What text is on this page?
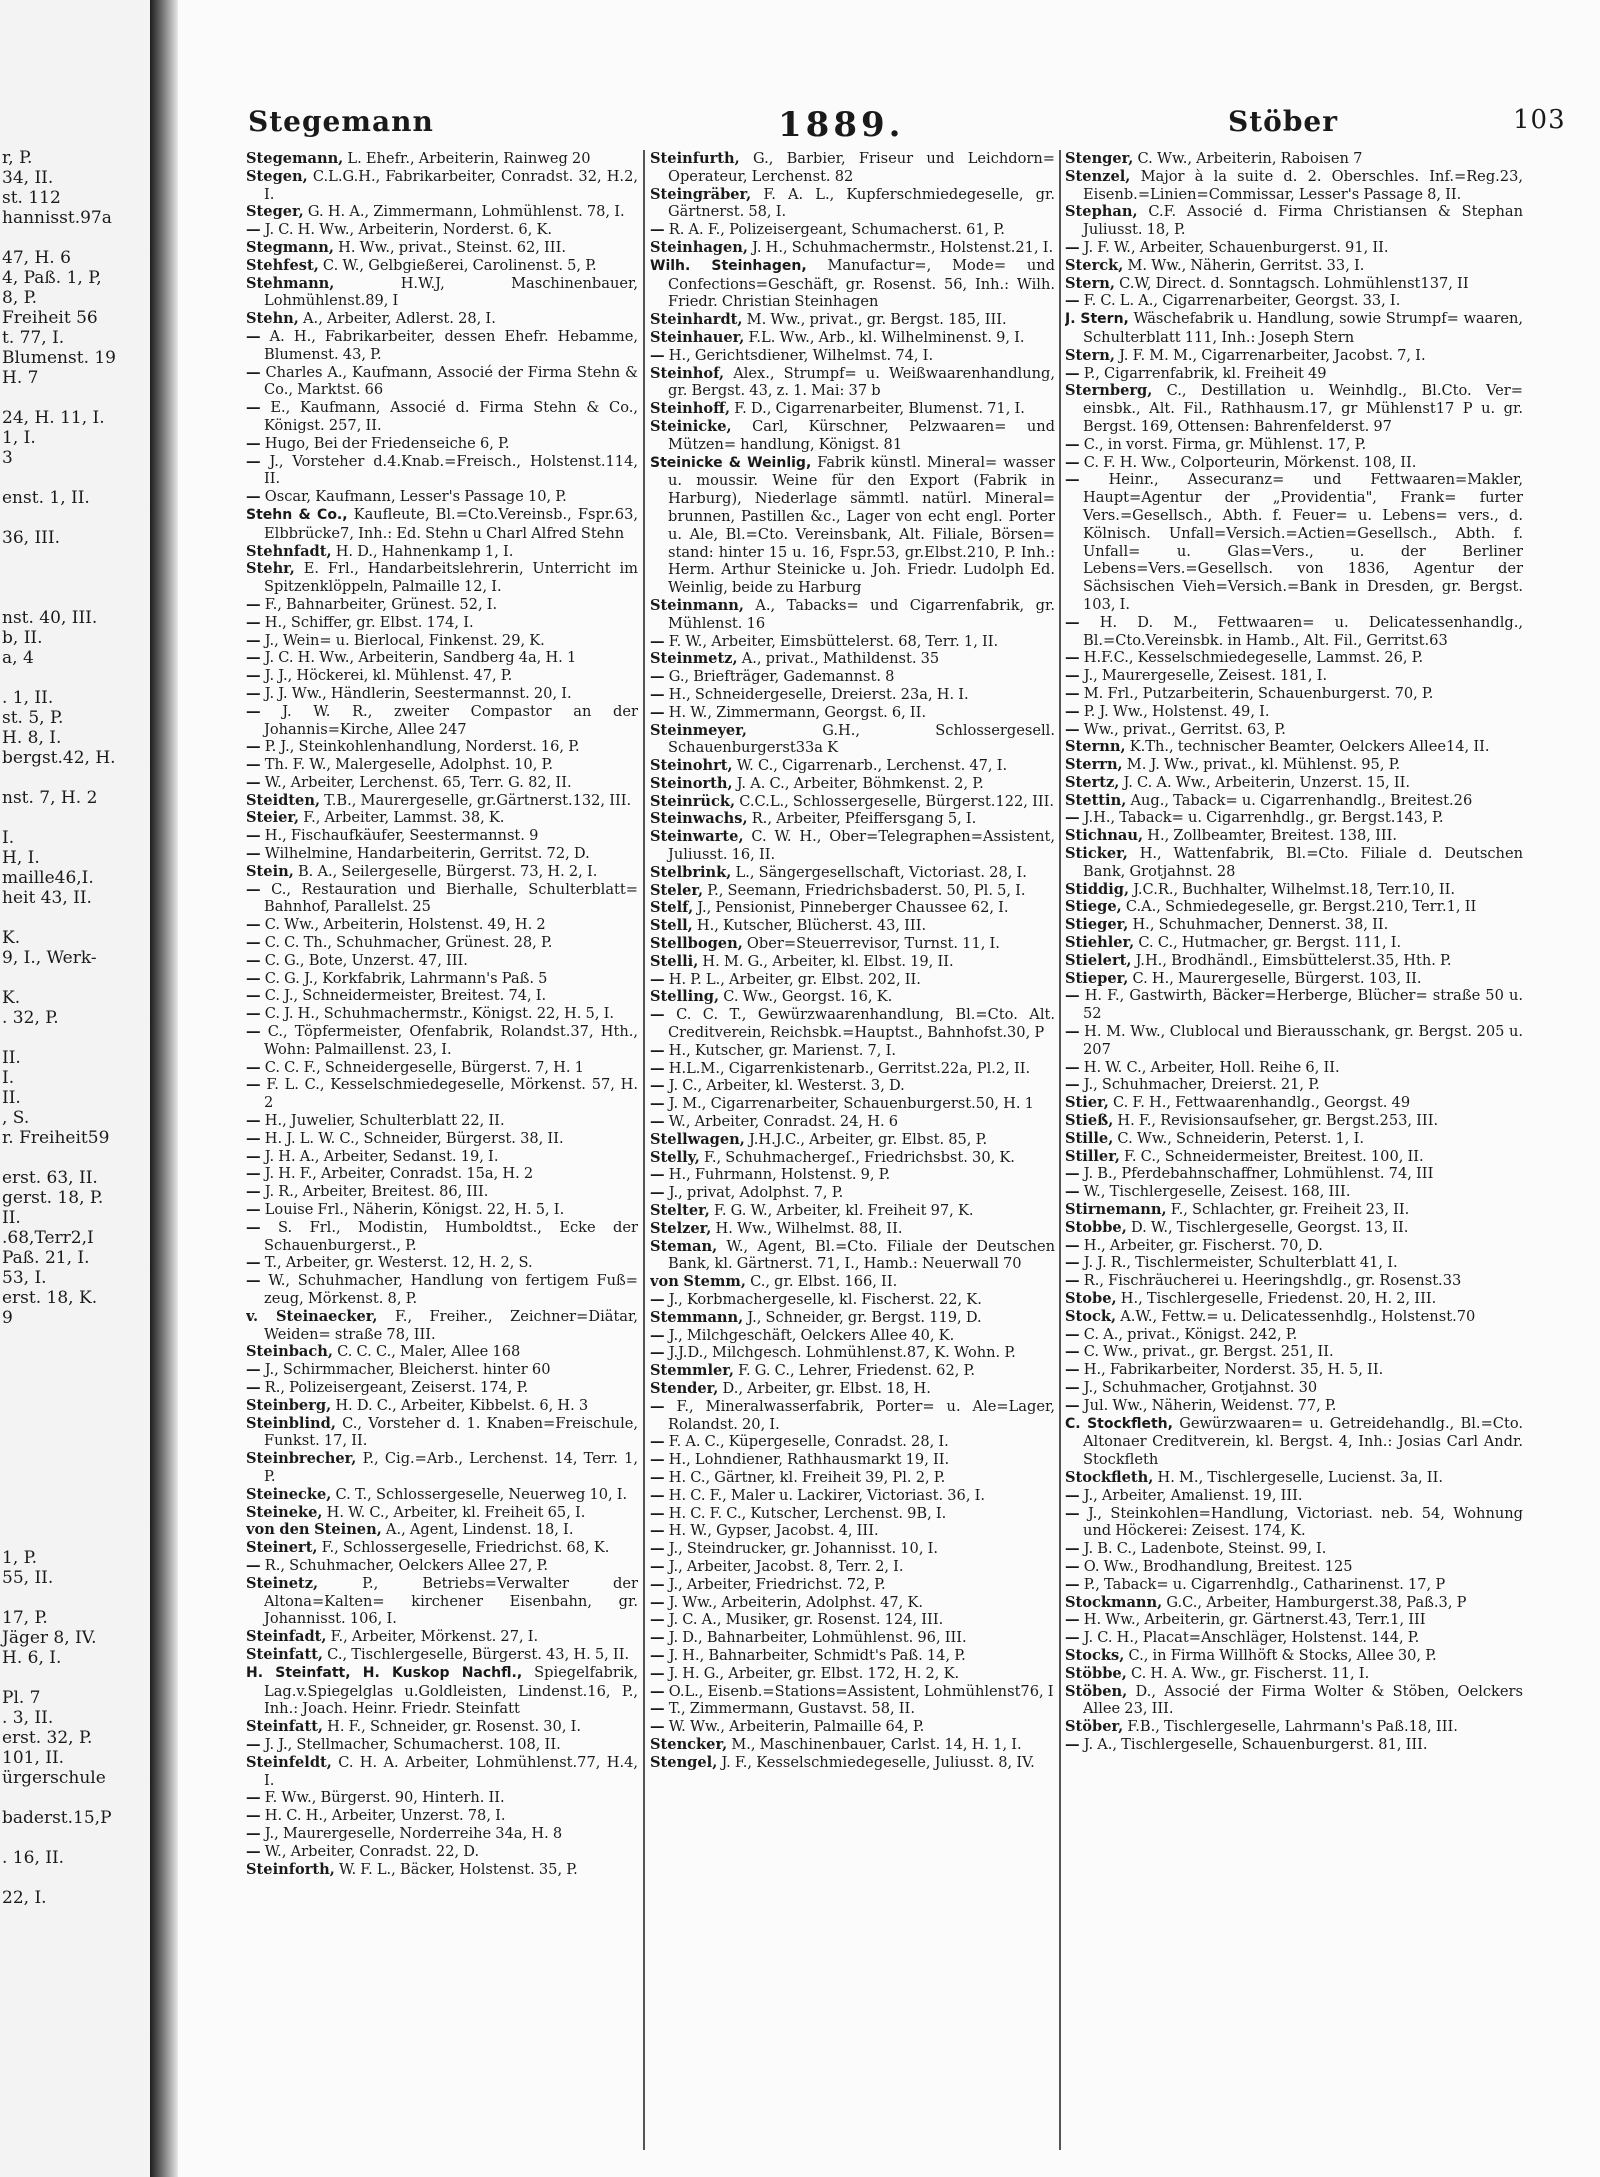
r, P.
34, II.
st. 112
hannisst.97a
47, H. 6
4, Paß. 1, P,
8, P.
Freiheit 56
t. 77, I.
Blumenst. 19
H. 7
24, H. 11, I.
1, I.
3
enst. 1, II.
36, III.
nst. 40, III.
b, II.
a, 4
. 1, II.
st. 5, P.
H. 8, I.
bergst.42, H.
nst. 7, H. 2
I.
H, I.
maille46,I.
heit 43, II.
K.
9, I., Werk-
K.
. 32, P.
II.
I.
II.
, S.
r. Freiheit59
erst. 63, II.
gerst. 18, P.
II.
.68,Terr2,I
Paß. 21, I.
53, I.
erst. 18, K.
9
1, P.
55, II.
17, P.
Jäger 8, IV.
H. 6, I.
Pl. 7
. 3, II.
erst. 32, P.
101, II.
ürgerschule
baderst.15,P
. 16, II.
22, I.
Stegemann	1889.	Stöber	103

Stegemann, L. Ehefr., Arbeiterin, Rainweg 20

Stegen, C.L.G.H., Fabrikarbeiter, Conradst. 32, H.2, I.

Steger, G. H. A., Zimmermann, Lohmühlenst. 78, I.

— J. C. H. Ww., Arbeiterin, Norderst. 6, K.

Stegmann, H. Ww., privat., Steinst. 62, III.

Stehfest, C. W., Gelbgießerei, Carolinenst. 5, P.

Stehmann,	H.W.J, Maschinenbauer, Lohmühlenst.89, I

Stehn, A., Arbeiter, Adlerst. 28, I.

— A. H., Fabrikarbeiter, dessen Ehefr. Hebamme, Blumenst. 43, P.

— Charles A., Kaufmann, Associé der Firma Stehn & Co., Marktst. 66

— E., Kaufmann, Associé d. Firma Stehn & Co., Königst. 257, II.

— Hugo, Bei der Friedenseiche 6, P.

— J., Vorsteher d.4.Knab.=Freisch., Holstenst.114, II.

— Oscar, Kaufmann, Lesser's Passage 10, P.

Stehn & Co., Kaufleute, Bl.=Cto.Vereinsb., Fspr.63, Elbbrücke7, Inh.: Ed. Stehn u Charl Alfred Stehn

Stehnfadt, H. D., Hahnenkamp 1, I.

Stehr, E. Frl., Handarbeitslehrerin, Unterricht im Spitzenklöppeln, Palmaille 12, I.

— F., Bahnarbeiter, Grünest. 52, I.

— H., Schiffer, gr. Elbst. 174, I.

— J., Wein= u. Bierlocal, Finkenst. 29, K.

— J. C. H. Ww., Arbeiterin, Sandberg 4a, H. 1

— J. J., Höckerei, kl. Mühlenst. 47, P.

— J. J. Ww., Händlerin, Seestermannst. 20, I.

— J. W. R., zweiter Compastor an der Johannis=Kirche, Allee 247

— P. J., Steinkohlenhandlung, Norderst. 16, P.

— Th. F. W., Malergeselle, Adolphst. 10, P.

— W., Arbeiter, Lerchenst. 65, Terr. G. 82, II.

Steidten, T.B., Maurergeselle, gr.Gärtnerst.132, III.

Steier, F., Arbeiter, Lammst. 38, K.

— H., Fischaufkäufer, Seestermannst. 9

— Wilhelmine, Handarbeiterin, Gerritst. 72, D.

Stein, B. A., Seilergeselle, Bürgerst. 73, H. 2, I.

— C., Restauration und Bierhalle, Schulterblatt= Bahnhof, Parallelst. 25

— C. Ww., Arbeiterin, Holstenst. 49, H. 2

— C. C. Th., Schuhmacher, Grünest. 28, P.

— C. G., Bote, Unzerst. 47, III.

— C. G. J., Korkfabrik, Lahrmann's Paß. 5

— C. J., Schneidermeister, Breitest. 74, I.

— C. J. H., Schuhmachermstr., Königst. 22, H. 5, I.

— C., Töpfermeister, Ofenfabrik, Rolandst.37, Hth., Wohn: Palmaillenst. 23, I.

— C. C. F., Schneidergeselle, Bürgerst. 7, H. 1

— F. L. C., Kesselschmiedegeselle, Mörkenst. 57, H. 2

— H., Juwelier, Schulterblatt 22, II.

— H. J. L. W. C., Schneider, Bürgerst. 38, II.

— J. H. A., Arbeiter, Sedanst. 19, I.

— J. H. F., Arbeiter, Conradst. 15a, H. 2

— J. R., Arbeiter, Breitest. 86, III.

— Louise Frl., Näherin, Königst. 22, H. 5, I.

— S. Frl., Modistin, Humboldtst., Ecke der Schauenburgerst., P.

— T., Arbeiter, gr. Westerst. 12, H. 2, S.

— W., Schuhmacher, Handlung von fertigem Fuß= zeug, Mörkenst. 8, P.

v. Steinaecker, F., Freiher., Zeichner=Diätar, Weiden= straße 78, III.

Steinbach, C. C. C., Maler, Allee 168

— J., Schirmmacher, Bleicherst. hinter 60

— R., Polizeisergeant, Zeiserst. 174, P.

Steinberg, H. D. C., Arbeiter, Kibbelst. 6, H. 3

Steinblind, C., Vorsteher d. 1. Knaben=Freischule, Funkst. 17, II.

Steinbrecher, P., Cig.=Arb., Lerchenst. 14, Terr. 1, P.

Steinecke, C. T., Schlossergeselle, Neuerweg 10, I.

Steineke, H. W. C., Arbeiter, kl. Freiheit 65, I.

von den Steinen, A., Agent, Lindenst. 18, I.

Steinert, F., Schlossergeselle, Friedrichst. 68, K.

— R., Schuhmacher, Oelckers Allee 27, P.

Steinetz,	P., Betriebs=Verwalter der Altona=Kalten= kirchener Eisenbahn, gr. Johannisst. 106, I.

Steinfadt, F., Arbeiter, Mörkenst. 27, I.

Steinfatt, C., Tischlergeselle, Bürgerst. 43, H. 5, II.

H. Steinfatt, H. Kuskop Nachfl., Spiegelfabrik, Lag.v.Spiegelglas u.Goldleisten, Lindenst.16, P., Inh.: Joach. Heinr. Friedr. Steinfatt

Steinfatt, H. F., Schneider, gr. Rosenst. 30, I.

— J. J., Stellmacher, Schumacherst. 108, II.

Steinfeldt, C. H. A. Arbeiter, Lohmühlenst.77, H.4, I.

— F. Ww., Bürgerst. 90, Hinterh. II.

— H. C. H., Arbeiter, Unzerst. 78, I.

— J., Maurergeselle, Norderreihe 34a, H. 8

— W., Arbeiter, Conradst. 22, D.

Steinforth, W. F. L., Bäcker, Holstenst. 35, P.

Steinfurth, G., Barbier, Friseur und Leichdorn= Operateur, Lerchenst. 82

Steingräber, F. A. L., Kupferschmiedegeselle, gr. Gärtnerst. 58, I.

— R. A. F., Polizeisergeant, Schumacherst. 61, P.

Steinhagen, J. H., Schuhmachermstr., Holstenst.21, I.

Wilh. Steinhagen, Manufactur=, Mode= und Confections=Geschäft, gr. Rosenst. 56, Inh.: Wilh. Friedr. Christian Steinhagen

Steinhardt, M. Ww., privat., gr. Bergst. 185, III.

Steinhauer, F.L. Ww., Arb., kl. Wilhelminenst. 9, I.

— H., Gerichtsdiener, Wilhelmst. 74, I.

Steinhof, Alex., Strumpf= u. Weißwaarenhandlung, gr. Bergst. 43, z. 1. Mai: 37 b

Steinhoff, F. D., Cigarrenarbeiter, Blumenst. 71, I.

Steinicke, Carl, Kürschner, Pelzwaaren= und Mützen= handlung, Königst. 81

Steinicke & Weinlig, Fabrik künstl. Mineral= wasser u. moussir. Weine für den Export (Fabrik in Harburg), Niederlage sämmtl. natürl. Mineral= brunnen, Pastillen &c., Lager von echt engl. Porter u. Ale, Bl.=Cto. Vereinsbank, Alt. Filiale, Börsen= stand: hinter 15 u. 16, Fspr.53, gr.Elbst.210, P. Inh.: Herm. Arthur Steinicke u. Joh. Friedr. Ludolph Ed. Weinlig, beide zu Harburg

Steinmann, A., Tabacks= und Cigarrenfabrik, gr. Mühlenst. 16

— F. W., Arbeiter, Eimsbüttelerst. 68, Terr. 1, II.

Steinmetz, A., privat., Mathildenst. 35

— G., Briefträger, Gademannst. 8

— H., Schneidergeselle, Dreierst. 23a, H. I.

— H. W., Zimmermann, Georgst. 6, II.

Steinmeyer,	G.H., Schlossergesell. Schauenburgerst33a K

Steinohrt, W. C., Cigarrenarb., Lerchenst. 47, I.

Steinorth, J. A. C., Arbeiter, Böhmkenst. 2, P.

Steinrück, C.C.L., Schlossergeselle, Bürgerst.122, III.

Steinwachs, R., Arbeiter, Pfeiffersgang 5, I.

Steinwarte, C. W. H., Ober=Telegraphen=Assistent, Juliusst. 16, II.

Stelbrink, L., Sängergesellschaft, Victoriast. 28, I.

Steler, P., Seemann, Friedrichsbaderst. 50, Pl. 5, I.

Stelf, J., Pensionist, Pinneberger Chaussee 62, I.

Stell, H., Kutscher, Blücherst. 43, III.

Stellbogen, Ober=Steuerrevisor, Turnst. 11, I.

Stelli, H. M. G., Arbeiter, kl. Elbst. 19, II.

— H. P. L., Arbeiter, gr. Elbst. 202, II.

Stelling, C. Ww., Georgst. 16, K.

— C. C. T., Gewürzwaarenhandlung, Bl.=Cto. Alt. Creditverein, Reichsbk.=Hauptst., Bahnhofst.30, P

— H., Kutscher, gr. Marienst. 7, I.

— H.L.M., Cigarrenkistenarb., Gerritst.22a, Pl.2, II.

— J. C., Arbeiter, kl. Westerst. 3, D.

— J. M., Cigarrenarbeiter, Schauenburgerst.50, H. 1

— W., Arbeiter, Conradst. 24, H. 6

Stellwagen, J.H.J.C., Arbeiter, gr. Elbst. 85, P.

Stelly, F., Schuhmachergeſ., Friedrichsbst. 30, K.

— H., Fuhrmann, Holstenst. 9, P.

— J., privat, Adolphst. 7, P.

Stelter, F. G. W., Arbeiter, kl. Freiheit 97, K.

Stelzer, H. Ww., Wilhelmst. 88, II.

Steman, W., Agent, Bl.=Cto. Filiale der Deutschen Bank, kl. Gärtnerst. 71, I., Hamb.: Neuerwall 70

von Stemm, C., gr. Elbst. 166, II.

— J., Korbmachergeselle, kl. Fischerst. 22, K.

Stemmann, J., Schneider, gr. Bergst. 119, D.

— J., Milchgeschäft, Oelckers Allee 40, K.

— J.J.D., Milchgesch. Lohmühlenst.87, K. Wohn. P.

Stemmler, F. G. C., Lehrer, Friedenst. 62, P.

Stender, D., Arbeiter, gr. Elbst. 18, H.

— F., Mineralwasserfabrik, Porter= u. Ale=Lager, Rolandst. 20, I.

— F. A. C., Küpergeselle, Conradst. 28, I.

— H., Lohndiener, Rathhausmarkt 19, II.

— H. C., Gärtner, kl. Freiheit 39, Pl. 2, P.

— H. C. F., Maler u. Lackirer, Victoriast. 36, I.

— H. C. F. C., Kutscher, Lerchenst. 9B, I.

— H. W., Gypser, Jacobst. 4, III.

— J., Steindrucker, gr. Johannisst. 10, I.

— J., Arbeiter, Jacobst. 8, Terr. 2, I.

— J., Arbeiter, Friedrichst. 72, P.

— J. Ww., Arbeiterin, Adolphst. 47, K.

— J. C. A., Musiker, gr. Rosenst. 124, III.

— J. D., Bahnarbeiter, Lohmühlenst. 96, III.

— J. H., Bahnarbeiter, Schmidt's Paß. 14, P.

— J. H. G., Arbeiter, gr. Elbst. 172, H. 2, K.

— O.L., Eisenb.=Stations=Assistent, Lohmühlenst76, I

— T., Zimmermann, Gustavst. 58, II.

— W. Ww., Arbeiterin, Palmaille 64, P.

Stencker, M., Maschinenbauer, Carlst. 14, H. 1, I.

Stengel, J. F., Kesselschmiedegeselle, Juliusst. 8, IV.

Stenger, C. Ww., Arbeiterin, Raboisen 7

Stenzel, Major à la suite d. 2. Oberschles. Inf.=Reg.23, Eisenb.=Linien=Commissar, Lesser's Passage 8, II.

Stephan, C.F. Associé d. Firma Christiansen & Stephan Juliusst. 18, P.

— J. F. W., Arbeiter, Schauenburgerst. 91, II.

Sterck, M. Ww., Näherin, Gerritst. 33, I.

Stern, C.W, Direct. d. Sonntagsch. Lohmühlenst137, II

— F. C. L. A., Cigarrenarbeiter, Georgst. 33, I.

J. Stern, Wäschefabrik u. Handlung, sowie Strumpf= waaren, Schulterblatt 111, Inh.: Joseph Stern

Stern, J. F. M. M., Cigarrenarbeiter, Jacobst. 7, I.

— P., Cigarrenfabrik, kl. Freiheit 49

Sternberg, C., Destillation u. Weinhdlg., Bl.Cto. Ver= einsbk., Alt. Fil., Rathhausm.17, gr Mühlenst17 P u. gr. Bergst. 169, Ottensen: Bahrenfelderst. 97

— C., in vorst. Firma, gr. Mühlenst. 17, P.

— C. F. H. Ww., Colporteurin, Mörkenst. 108, II.

— Heinr., Assecuranz= und Fettwaaren=Makler, Haupt=Agentur der „Providentia", Frank= furter Vers.=Gesellsch., Abth. f. Feuer= u. Lebens= vers., d. Kölnisch. Unfall=Versich.=Actien=Gesellsch., Abth. f. Unfall= u. Glas=Vers., u. der Berliner Lebens=Vers.=Gesellsch. von 1836, Agentur der Sächsischen Vieh=Versich.=Bank in Dresden, gr. Bergst. 103, I.

— H. D. M., Fettwaaren= u. Delicatessenhandlg., Bl.=Cto.Vereinsbk. in Hamb., Alt. Fil., Gerritst.63

— H.F.C., Kesselschmiedegeselle, Lammst. 26, P.

— J., Maurergeselle, Zeisest. 181, I.

— M. Frl., Putzarbeiterin, Schauenburgerst. 70, P.

— P. J. Ww., Holstenst. 49, I.

— Ww., privat., Gerritst. 63, P.

Sternn, K.Th., technischer Beamter, Oelckers Allee14, II.

Sterrn, M. J. Ww., privat., kl. Mühlenst. 95, P.

Stertz, J. C. A. Ww., Arbeiterin, Unzerst. 15, II.

Stettin, Aug., Taback= u. Cigarrenhandlg., Breitest.26

— J.H., Taback= u. Cigarrenhdlg., gr. Bergst.143, P.

Stichnau, H., Zollbeamter, Breitest. 138, III.

Sticker, H., Wattenfabrik, Bl.=Cto. Filiale d. Deutschen Bank, Grotjahnst. 28

Stiddig, J.C.R., Buchhalter, Wilhelmst.18, Terr.10, II.

Stiege, C.A., Schmiedegeselle, gr. Bergst.210, Terr.1, II

Stieger, H., Schuhmacher, Dennerst. 38, II.

Stiehler, C. C., Hutmacher, gr. Bergst. 111, I.

Stielert, J.H., Brodhändl., Eimsbüttelerst.35, Hth. P.

Stieper, C. H., Maurergeselle, Bürgerst. 103, II.

— H. F., Gastwirth, Bäcker=Herberge, Blücher= straße 50 u. 52

— H. M. Ww., Clublocal und Bierausschank, gr. Bergst. 205 u. 207

— H. W. C., Arbeiter, Holl. Reihe 6, II.

— J., Schuhmacher, Dreierst. 21, P.

Stier, C. F. H., Fettwaarenhandlg., Georgst. 49

Stieß, H. F., Revisionsaufseher, gr. Bergst.253, III.

Stille, C. Ww., Schneiderin, Peterst. 1, I.

Stiller, F. C., Schneidermeister, Breitest. 100, II.

— J. B., Pferdebahnschaffner, Lohmühlenst. 74, III

— W., Tischlergeselle, Zeisest. 168, III.

Stirnemann, F., Schlachter, gr. Freiheit 23, II.

Stobbe, D. W., Tischlergeselle, Georgst. 13, II.

— H., Arbeiter, gr. Fischerst. 70, D.

— J. J. R., Tischlermeister, Schulterblatt 41, I.

— R., Fischräucherei u. Heeringshdlg., gr. Rosenst.33

Stobe, H., Tischlergeselle, Friedenst. 20, H. 2, III.

Stock, A.W., Fettw.= u. Delicatessenhdlg., Holstenst.70

— C. A., privat., Königst. 242, P.

— C. Ww., privat., gr. Bergst. 251, II.

— H., Fabrikarbeiter, Norderst. 35, H. 5, II.

— J., Schuhmacher, Grotjahnst. 30

— Jul. Ww., Näherin, Weidenst. 77, P.

C. Stockfleth, Gewürzwaaren= u. Getreidehandlg., Bl.=Cto. Altonaer Creditverein, kl. Bergst. 4, Inh.: Josias Carl Andr. Stockfleth

Stockfleth, H. M., Tischlergeselle, Lucienst. 3a, II.

— J., Arbeiter, Amalienst. 19, III.

— J., Steinkohlen=Handlung, Victoriast. neb. 54, Wohnung und Höckerei: Zeisest. 174, K.

— J. B. C., Ladenbote, Steinst. 99, I.

— O. Ww., Brodhandlung, Breitest. 125

— P., Taback= u. Cigarrenhdlg., Catharinenst. 17, P

Stockmann, G.C., Arbeiter, Hamburgerst.38, Paß.3, P

— H. Ww., Arbeiterin, gr. Gärtnerst.43, Terr.1, III

— J. C. H., Placat=Anschläger, Holstenst. 144, P.

Stocks, C., in Firma Willhöft & Stocks, Allee 30, P.

Stöbbe, C. H. A. Ww., gr. Fischerst. 11, I.

Stöben, D., Associé der Firma Wolter & Stöben, Oelckers Allee 23, III.

Stöber, F.B., Tischlergeselle, Lahrmann's Paß.18, III.

— J. A., Tischlergeselle, Schauenburgerst. 81, III.
